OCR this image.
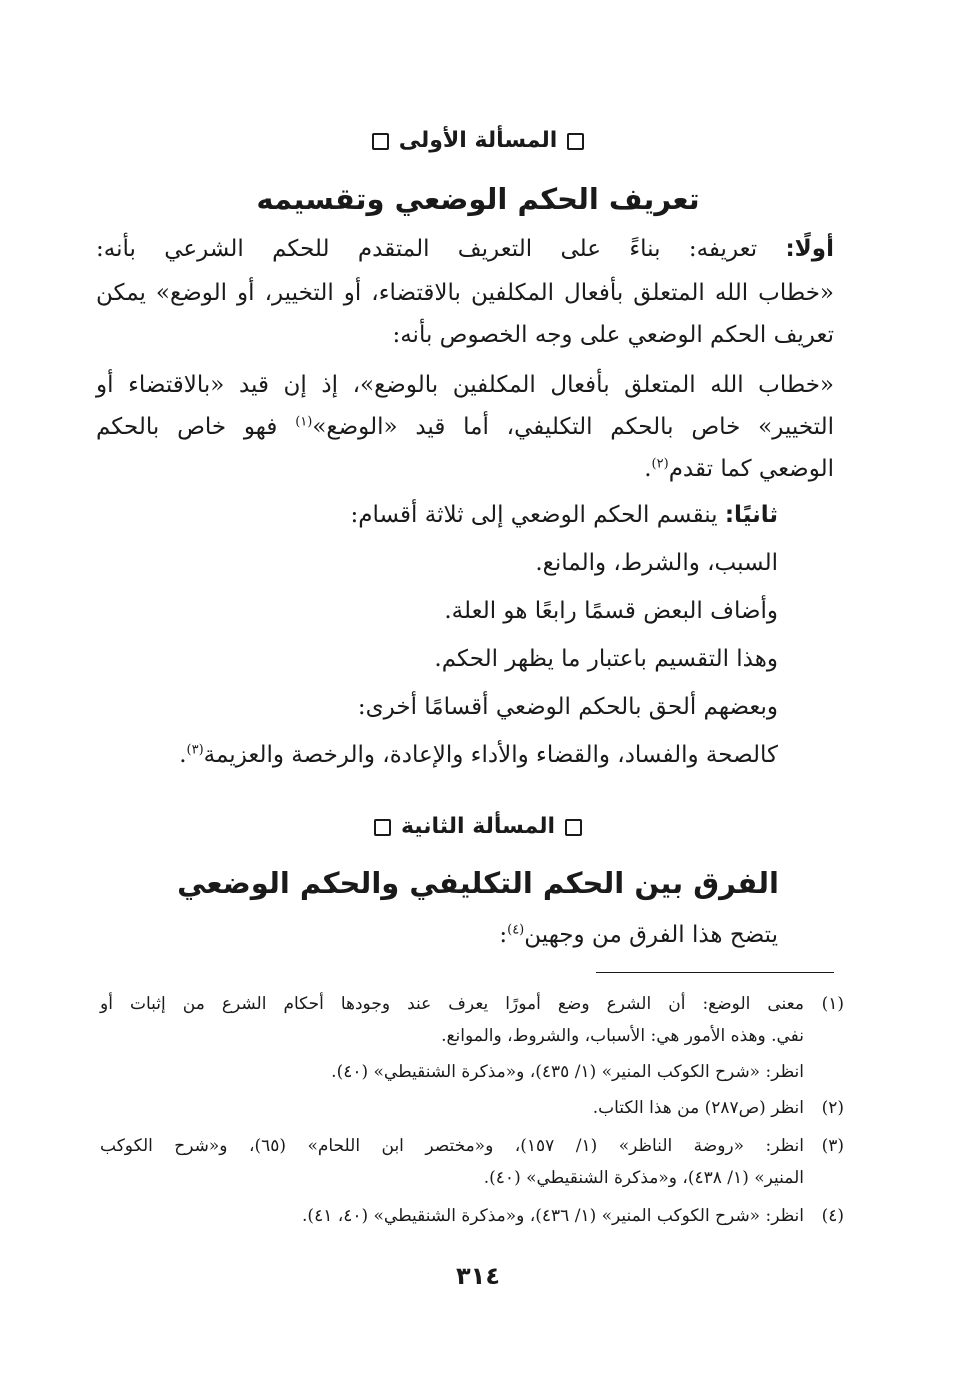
المسألة الأولى
تعريف الحكم الوضعي وتقسيمه
أولًا: تعريفه: بناءً على التعريف المتقدم للحكم الشرعي بأنه:
«خطاب الله المتعلق بأفعال المكلفين بالاقتضاء، أو التخيير، أو الوضع» يمكن
تعريف الحكم الوضعي على وجه الخصوص بأنه:
«خطاب الله المتعلق بأفعال المكلفين بالوضع»، إذ إن قيد «بالاقتضاء أو
التخيير» خاص بالحكم التكليفي، أما قيد «الوضع»$^{(١)}$ فهو خاص بالحكم
الوضعي كما تقدم$^{(٢)}$.
ثانيًا: ينقسم الحكم الوضعي إلى ثلاثة أقسام:
السبب، والشرط، والمانع.
وأضاف البعض قسمًا رابعًا هو العلة.
وهذا التقسيم باعتبار ما يظهر الحكم.
وبعضهم ألحق بالحكم الوضعي أقسامًا أخرى:
كالصحة والفساد، والقضاء والأداء والإعادة، والرخصة والعزيمة$^{(٣)}$.
المسألة الثانية
الفرق بين الحكم التكليفي والحكم الوضعي
يتضح هذا الفرق من وجهين$^{(٤)}$:
(١)
معنى الوضع: أن الشرع وضع أمورًا يعرف عند وجودها أحكام الشرع من إثبات أو
نفي. وهذه الأمور هي: الأسباب، والشروط، والموانع.
انظر: «شرح الكوكب المنير» (١/ ٤٣٥)، و«مذكرة الشنقيطي» (٤٠).
(٢)
انظر (ص٢٨٧) من هذا الكتاب.
(٣)
انظر: «روضة الناظر» (١/ ١٥٧)، و«مختصر ابن اللحام» (٦٥)، و«شرح الكوكب
المنير» (١/ ٤٣٨)، و«مذكرة الشنقيطي» (٤٠).
(٤)
انظر: «شرح الكوكب المنير» (١/ ٤٣٦)، و«مذكرة الشنقيطي» (٤٠، ٤١).
٣١٤
